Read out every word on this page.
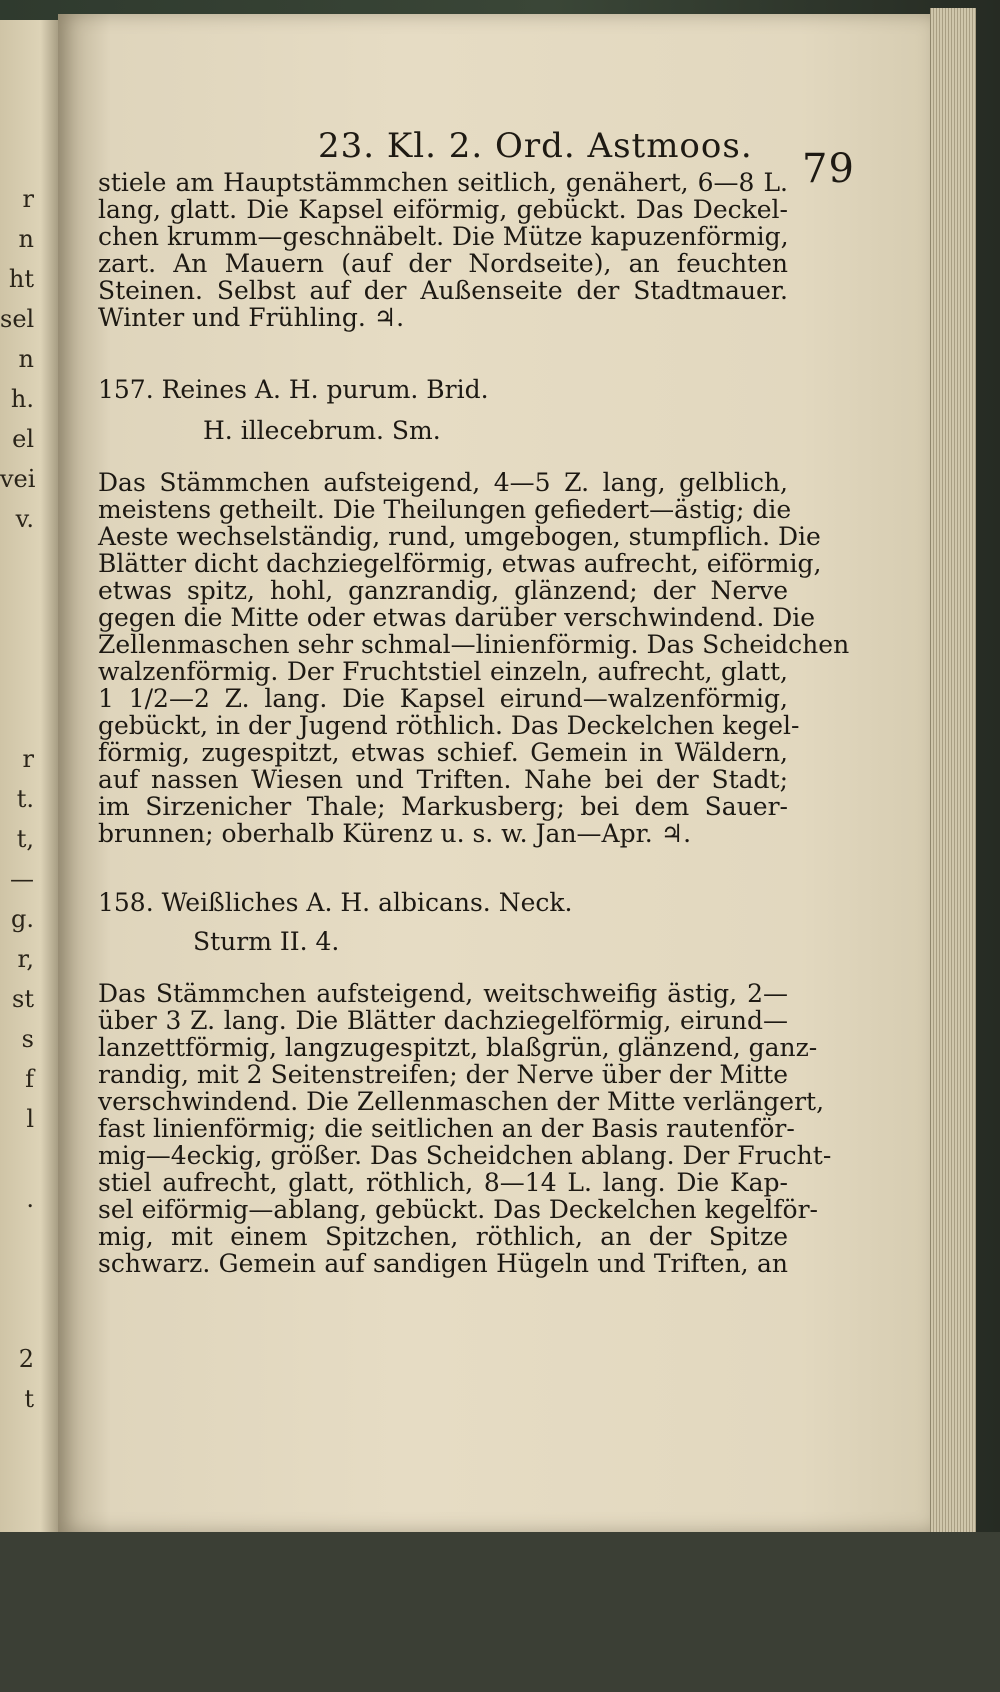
r
n
ht
sel
n
h.
el
vei
v.
r
t.
t,
—
g.
r,
st
s
f
l
.
2
t
23. Kl. 2. Ord. Astmoos. 79
stiele am Hauptstämmchen seitlich, genähert, 6—8 L.
lang, glatt. Die Kapsel eiförmig, gebückt. Das Deckel-
chen krumm—geschnäbelt. Die Mütze kapuzenförmig,
zart. An Mauern (auf der Nordseite), an feuchten
Steinen. Selbst auf der Außenseite der Stadtmauer.
Winter und Frühling. ♃.
157. Reines A. H. purum. Brid.
H. illecebrum. Sm.
Das Stämmchen aufsteigend, 4—5 Z. lang, gelblich,
meistens getheilt. Die Theilungen gefiedert—ästig; die
Aeste wechselständig, rund, umgebogen, stumpflich. Die
Blätter dicht dachziegelförmig, etwas aufrecht, eiförmig,
etwas spitz, hohl, ganzrandig, glänzend; der Nerve
gegen die Mitte oder etwas darüber verschwindend. Die
Zellenmaschen sehr schmal—linienförmig. Das Scheidchen
walzenförmig. Der Fruchtstiel einzeln, aufrecht, glatt,
1 1/2—2 Z. lang. Die Kapsel eirund—walzenförmig,
gebückt, in der Jugend röthlich. Das Deckelchen kegel-
förmig, zugespitzt, etwas schief. Gemein in Wäldern,
auf nassen Wiesen und Triften. Nahe bei der Stadt;
im Sirzenicher Thale; Markusberg; bei dem Sauer-
brunnen; oberhalb Kürenz u. s. w. Jan—Apr. ♃.
158. Weißliches A. H. albicans. Neck.
Sturm II. 4.
Das Stämmchen aufsteigend, weitschweifig ästig, 2—
über 3 Z. lang. Die Blätter dachziegelförmig, eirund—
lanzettförmig, langzugespitzt, blaßgrün, glänzend, ganz-
randig, mit 2 Seitenstreifen; der Nerve über der Mitte
verschwindend. Die Zellenmaschen der Mitte verlängert,
fast linienförmig; die seitlichen an der Basis rautenför-
mig—4eckig, größer. Das Scheidchen ablang. Der Frucht-
stiel aufrecht, glatt, röthlich, 8—14 L. lang. Die Kap-
sel eiförmig—ablang, gebückt. Das Deckelchen kegelför-
mig, mit einem Spitzchen, röthlich, an der Spitze
schwarz. Gemein auf sandigen Hügeln und Triften, an
